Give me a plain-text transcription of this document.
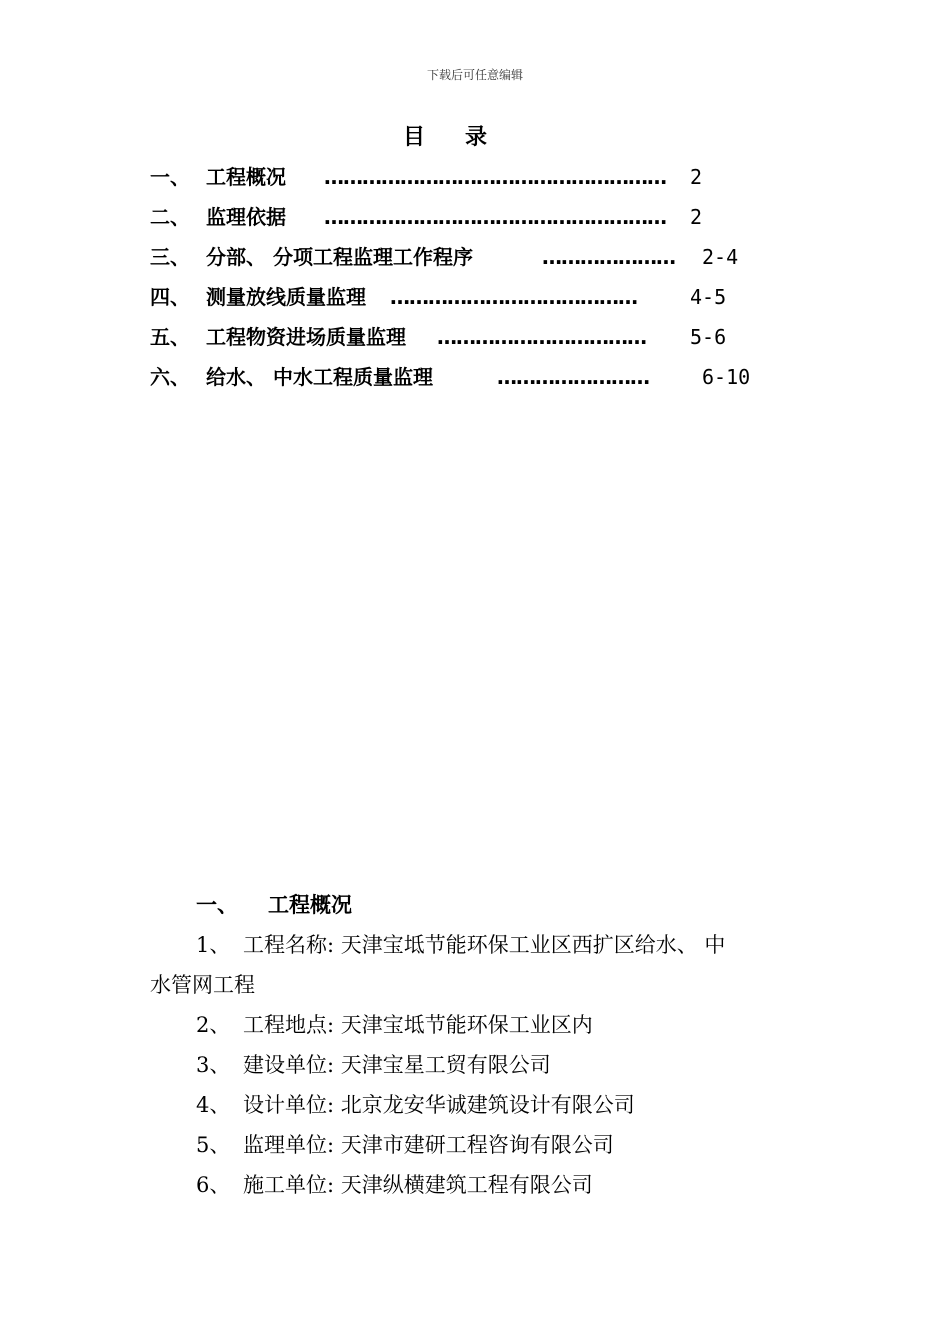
下载后可任意编辑
目 录
一、 工程概况 ……………………………………………… 2
二、 监理依据 ……………………………………………… 2
三、 分部、 分项工程监理工作程序	………………… 2-4
四、 测量放线质量监理 …………………………………	4-5
五、 工程物资进场质量监理 …………………………… 5-6
六、 给水、 中水工程质量监理	……………………	6-10
一、 工程概况
1、 工程名称: 天津宝坻节能环保工业区西扩区给水、 中
水管网工程
2、 工程地点: 天津宝坻节能环保工业区内
3、 建设单位: 天津宝星工贸有限公司
4、 设计单位: 北京龙安华诚建筑设计有限公司
5、 监理单位: 天津市建研工程咨询有限公司
6、 施工单位: 天津纵横建筑工程有限公司
